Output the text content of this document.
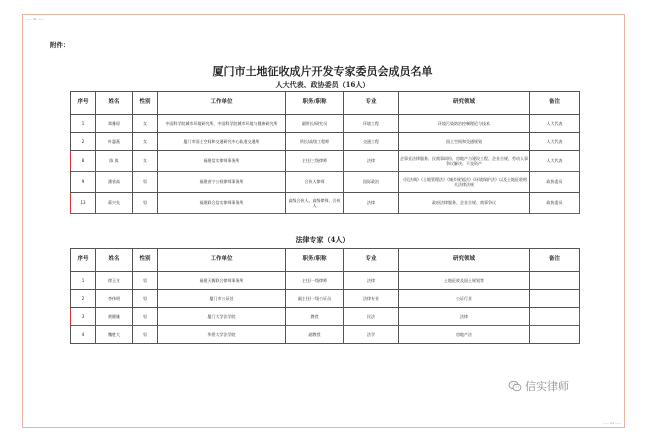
—— 01 ——
—— 01 ——
附件：
厦门市土地征收成片开发专家委员会成员名单
人大代表、政协委员（16人）
序号	姓名	性别	工作单位	职务/职称	专业	研究领域	备注
1	郑雅琼	女	中国科学院城市环境研究所、中国科学院城市环境与健康研究所	副所长/研究员	环境工程	环境污染防治控制理论与技术	人大代表
2	叶惠燕	女	厦门市国土空间和交通研究中心轨道交通所	所长/高级工程师	交通工程	国土空间和交通规划	人大代表
8	陈 岚	女	福建信实律师事务所	主任/三级律师	法律	企事业法律服务、民商事纠纷、房地产与建设工程、企业合规、劳动人事争议解决、不良资产	人大代表
9	潘省高	男	福建省宁公权律师事务所	合伙人律师	国际政治	《民法典》《土地管理法》《城乡规划法》《环境保护法》以及土地征收相关法律法规	政协委员
13	蒋兴先	男	福建联合信实律师事务所	高级合伙人、高级律师、合伙人	法律	政府法律服务、企业合规、商事争议	政协委员
法律专家（4人）
序号	姓名	性别	工作单位	职务/职称	专业	研究领域	备注
1	徐玉支	男	福建天衡联合律师事务所	主任/一级律师	法律	土地征收及国土规划等	
2	李伟明	男	厦门市公证处	副主任/一级公证员	法律专业	公证行业	
3	黄健雄	男	厦门大学法学院	教授	民法	法律	
4	魏胜大	男	华侨大学法学院	副教授	法学	房地产法	
信实律师
